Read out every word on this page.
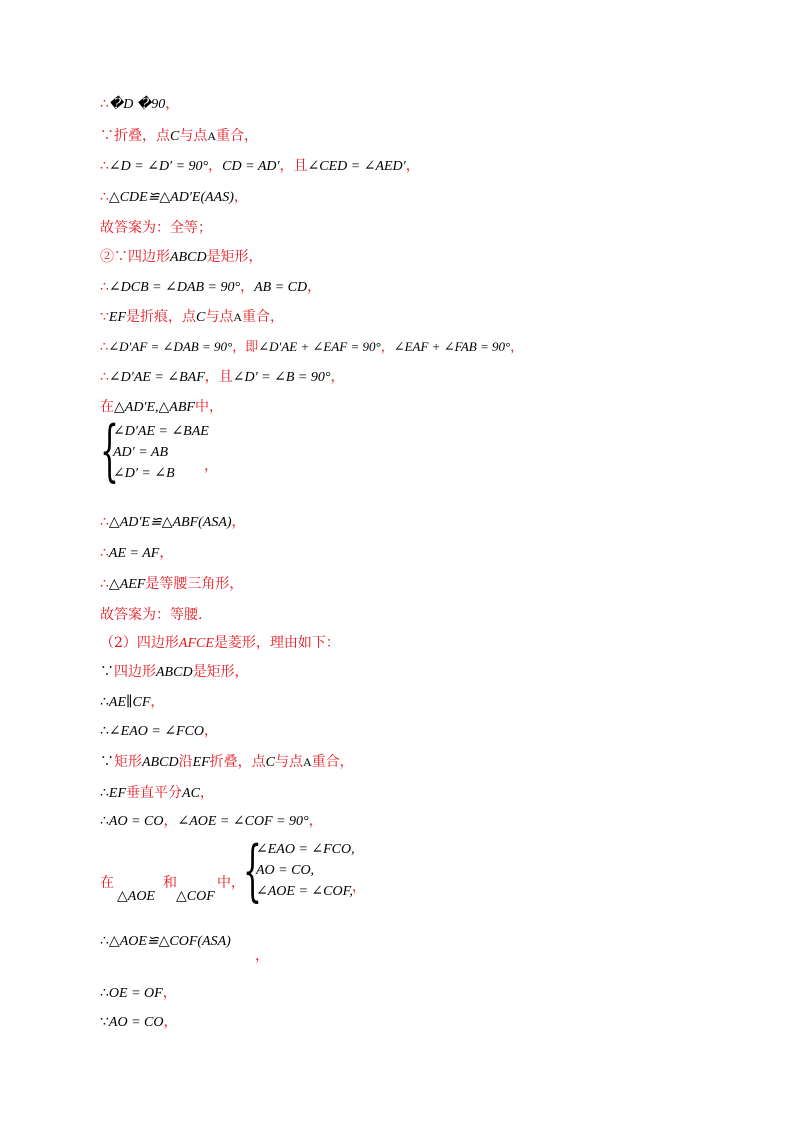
∴�D �90，
∵折叠，点C与点A重合，
∴∠D = ∠D′ = 90°，CD = AD′，且∠CED = ∠AED′，
∴△CDE≌△AD′E(AAS)，
故答案为：全等；
②∵四边形ABCD是矩形，
∴∠DCB = ∠DAB = 90°，AB = CD，
∵EF是折痕，点C与点A重合，
∴∠D′AF = ∠DAB = 90°，即∠D′AE + ∠EAF = 90°，∠EAF + ∠FAB = 90°，
∴∠D′AE = ∠BAF，且∠D′ = ∠B = 90°，
在△AD′E,△ABF中，
{
∠D′AE = ∠BAE
AD′ = AB
∠D′ = ∠B ，
∴△AD′E≌△ABF(ASA)，
∴AE = AF，
∴△AEF是等腰三角形，
故答案为：等腰.
（2）四边形AFCE是菱形，理由如下：
∵四边形ABCD是矩形，
∴AE∥CF，
∴∠EAO = ∠FCO，
∵矩形ABCD沿EF折叠，点C与点A重合，
∴EF垂直平分AC，
∴AO = CO，∠AOE = ∠COF = 90°，
在
△AOE
和
△COF
中，
{
∠EAO = ∠FCO,
AO = CO,
∠AOE = ∠COF, ，
∴△AOE≌△COF(ASA)
，
∴OE = OF，
∵AO = CO，
